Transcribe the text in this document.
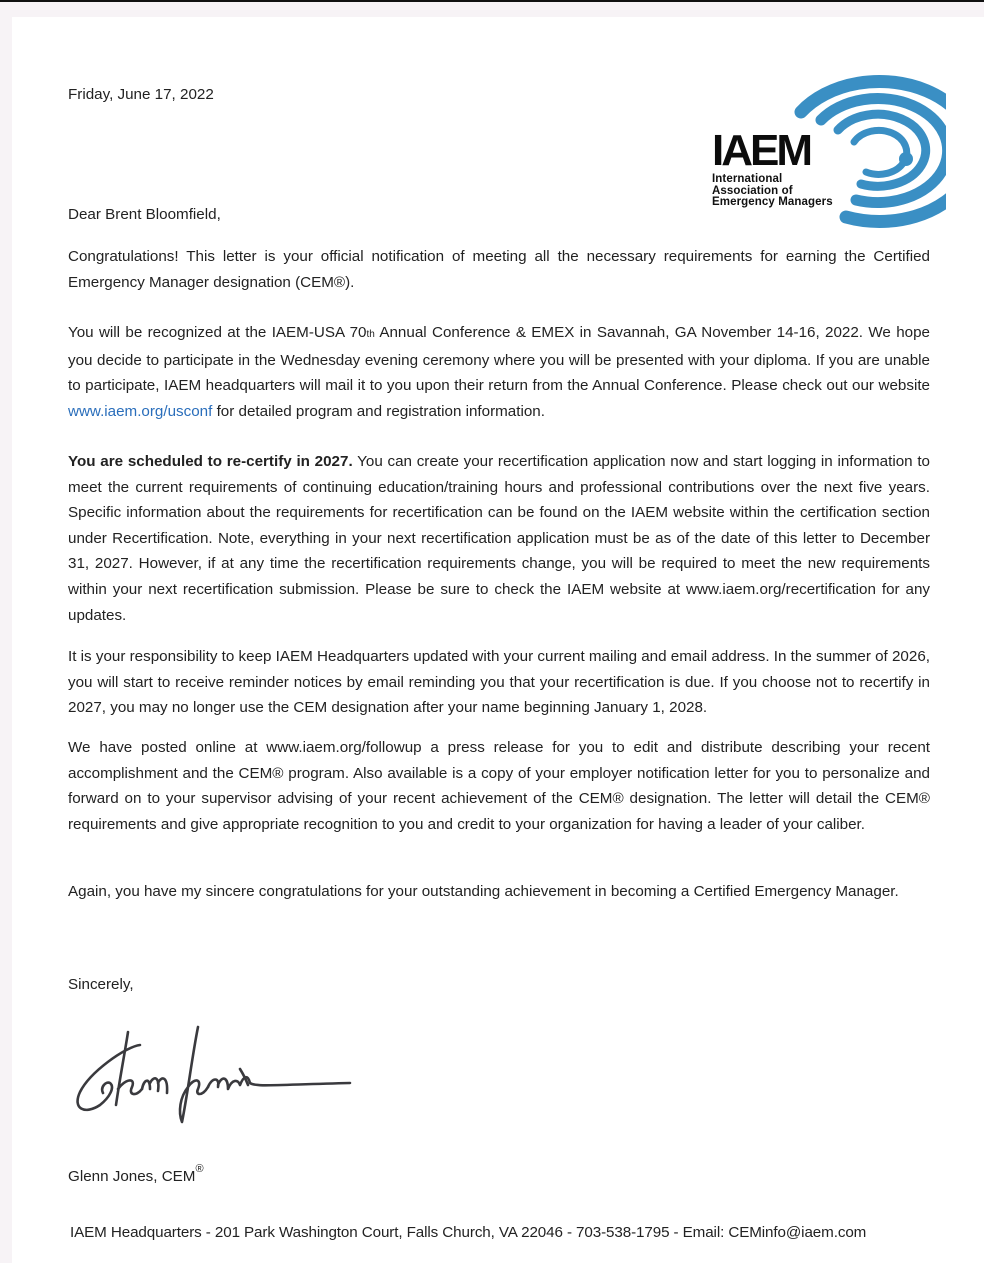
Friday, June 17, 2022
IAEM
International
Association of
Emergency Managers
Dear Brent Bloomfield,
Congratulations! This letter is your official notification of meeting all the necessary requirements for earning the Certified Emergency Manager designation (CEM®).
You will be recognized at the IAEM-USA 70th Annual Conference & EMEX in Savannah, GA November 14-16, 2022. We hope you decide to participate in the Wednesday evening ceremony where you will be presented with your diploma. If you are unable to participate, IAEM headquarters will mail it to you upon their return from the Annual Conference. Please check out our website www.iaem.org/usconf for detailed program and registration information.
You are scheduled to re-certify in 2027. You can create your recertification application now and start logging in information to meet the current requirements of continuing education/training hours and professional contributions over the next five years. Specific information about the requirements for recertification can be found on the IAEM website within the certification section under Recertification. Note, everything in your next recertification application must be as of the date of this letter to December 31, 2027. However, if at any time the recertification requirements change, you will be required to meet the new requirements within your next recertification submission. Please be sure to check the IAEM website at www.iaem.org/recertification for any updates.
It is your responsibility to keep IAEM Headquarters updated with your current mailing and email address. In the summer of 2026, you will start to receive reminder notices by email reminding you that your recertification is due. If you choose not to recertify in 2027, you may no longer use the CEM designation after your name beginning January 1, 2028.
We have posted online at www.iaem.org/followup a press release for you to edit and distribute describing your recent accomplishment and the CEM® program. Also available is a copy of your employer notification letter for you to personalize and forward on to your supervisor advising of your recent achievement of the CEM® designation. The letter will detail the CEM® requirements and give appropriate recognition to you and credit to your organization for having a leader of your caliber.
Again, you have my sincere congratulations for your outstanding achievement in becoming a Certified Emergency Manager.
Sincerely,
Glenn Jones, CEM®
IAEM Headquarters - 201 Park Washington Court, Falls Church, VA 22046 - 703-538-1795 - Email: CEMinfo@iaem.com
